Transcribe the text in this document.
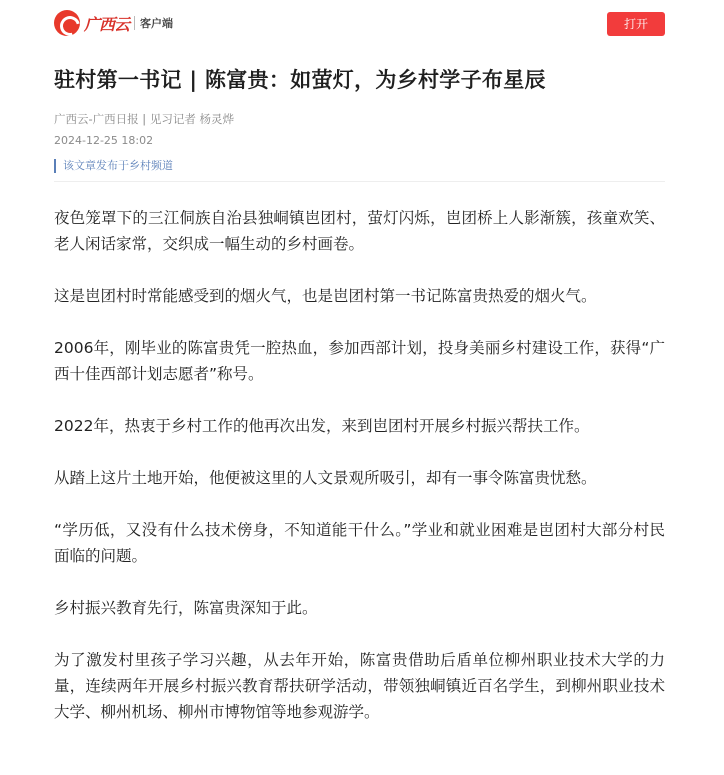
广西云 客户端	打开
驻村第一书记 | 陈富贵：如萤灯，为乡村学子布星辰
广西云-广西日报 | 见习记者 杨灵烨
2024-12-25 18:02
该文章发布于乡村频道

夜色笼罩下的三江侗族自治县独峒镇岜团村，萤灯闪烁，岜团桥上人影渐簇，孩童欢笑、老人闲话家常，交织成一幅生动的乡村画卷。

这是岜团村时常能感受到的烟火气，也是岜团村第一书记陈富贵热爱的烟火气。

2006年，刚毕业的陈富贵凭一腔热血，参加西部计划，投身美丽乡村建设工作，获得“广西十佳西部计划志愿者”称号。

2022年，热衷于乡村工作的他再次出发，来到岜团村开展乡村振兴帮扶工作。

从踏上这片土地开始，他便被这里的人文景观所吸引，却有一事令陈富贵忧愁。

“学历低，又没有什么技术傍身，不知道能干什么。”学业和就业困难是岜团村大部分村民面临的问题。

乡村振兴教育先行，陈富贵深知于此。

为了激发村里孩子学习兴趣，从去年开始，陈富贵借助后盾单位柳州职业技术大学的力量，连续两年开展乡村振兴教育帮扶研学活动，带领独峒镇近百名学生，到柳州职业技术大学、柳州机场、柳州市博物馆等地参观游学。
